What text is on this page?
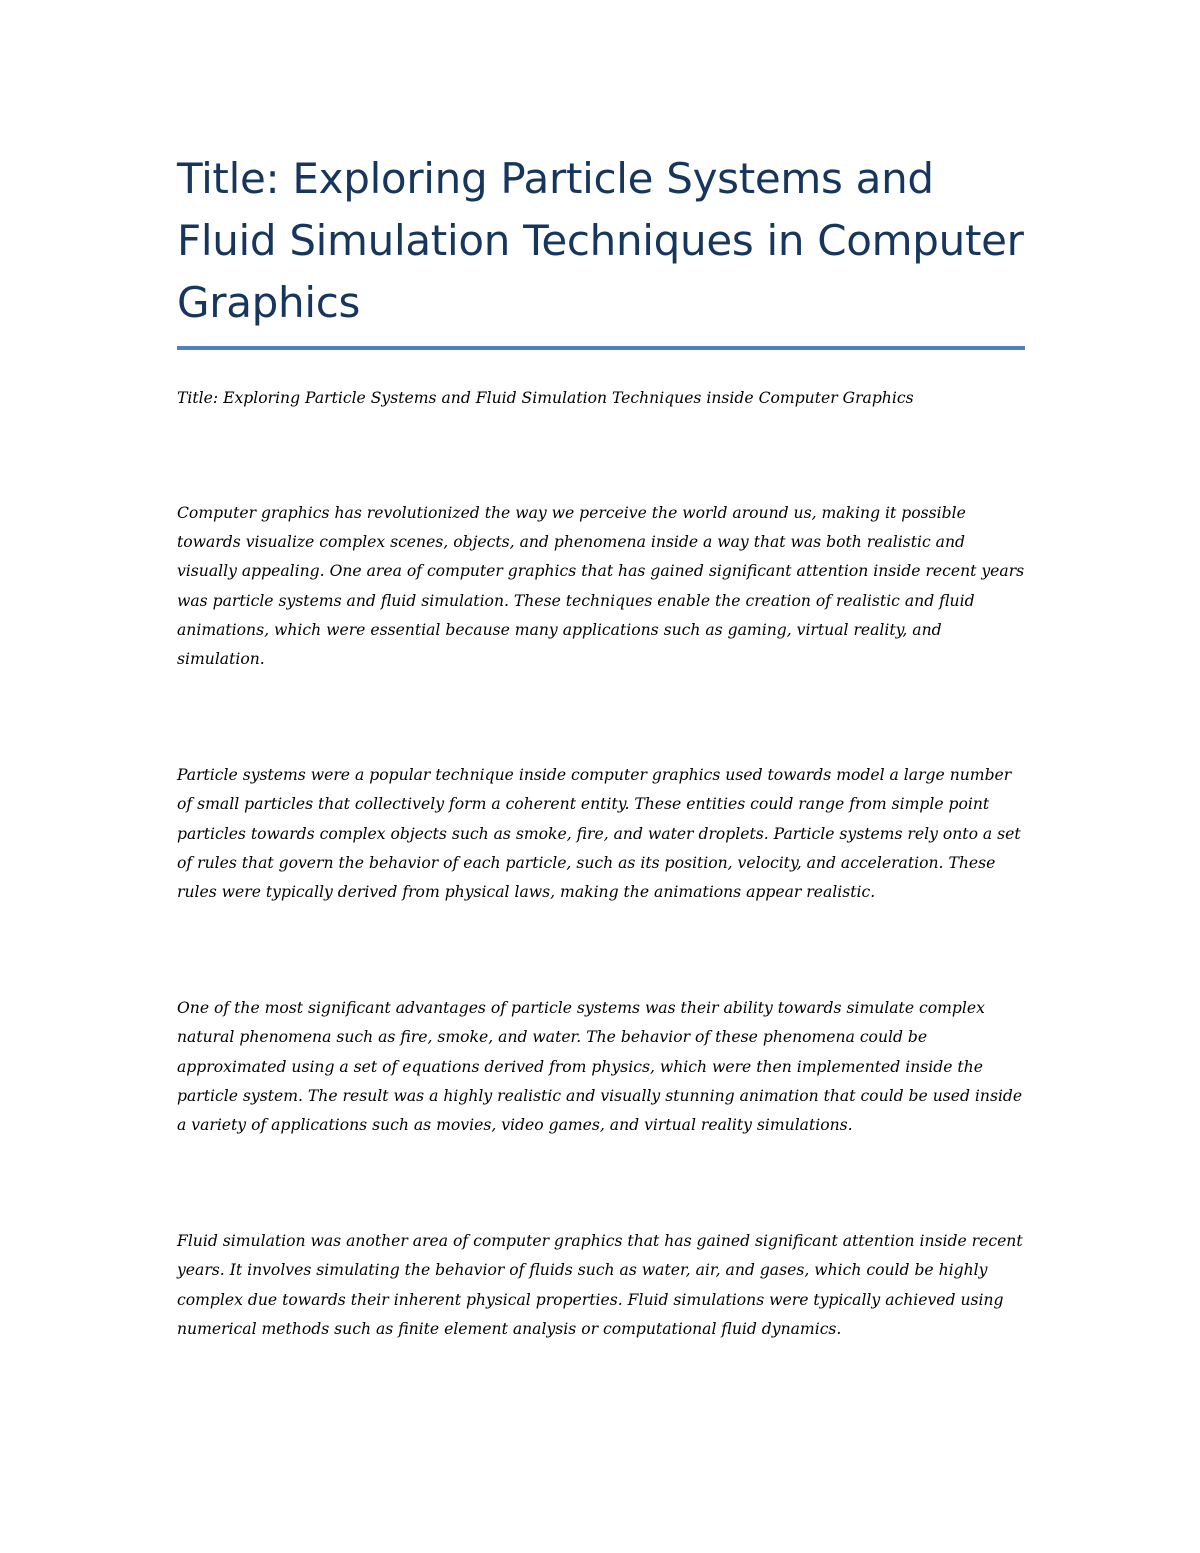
Title: Exploring Particle Systems and Fluid Simulation Techniques in Computer Graphics

Title: Exploring Particle Systems and Fluid Simulation Techniques inside Computer Graphics

Computer graphics has revolutionized the way we perceive the world around us, making it possible towards visualize complex scenes, objects, and phenomena inside a way that was both realistic and visually appealing. One area of computer graphics that has gained significant attention inside recent years was particle systems and fluid simulation. These techniques enable the creation of realistic and fluid animations, which were essential because many applications such as gaming, virtual reality, and simulation.

Particle systems were a popular technique inside computer graphics used towards model a large number of small particles that collectively form a coherent entity. These entities could range from simple point particles towards complex objects such as smoke, fire, and water droplets. Particle systems rely onto a set of rules that govern the behavior of each particle, such as its position, velocity, and acceleration. These rules were typically derived from physical laws, making the animations appear realistic.

One of the most significant advantages of particle systems was their ability towards simulate complex natural phenomena such as fire, smoke, and water. The behavior of these phenomena could be approximated using a set of equations derived from physics, which were then implemented inside the particle system. The result was a highly realistic and visually stunning animation that could be used inside a variety of applications such as movies, video games, and virtual reality simulations.

Fluid simulation was another area of computer graphics that has gained significant attention inside recent years. It involves simulating the behavior of fluids such as water, air, and gases, which could be highly complex due towards their inherent physical properties. Fluid simulations were typically achieved using numerical methods such as finite element analysis or computational fluid dynamics.
